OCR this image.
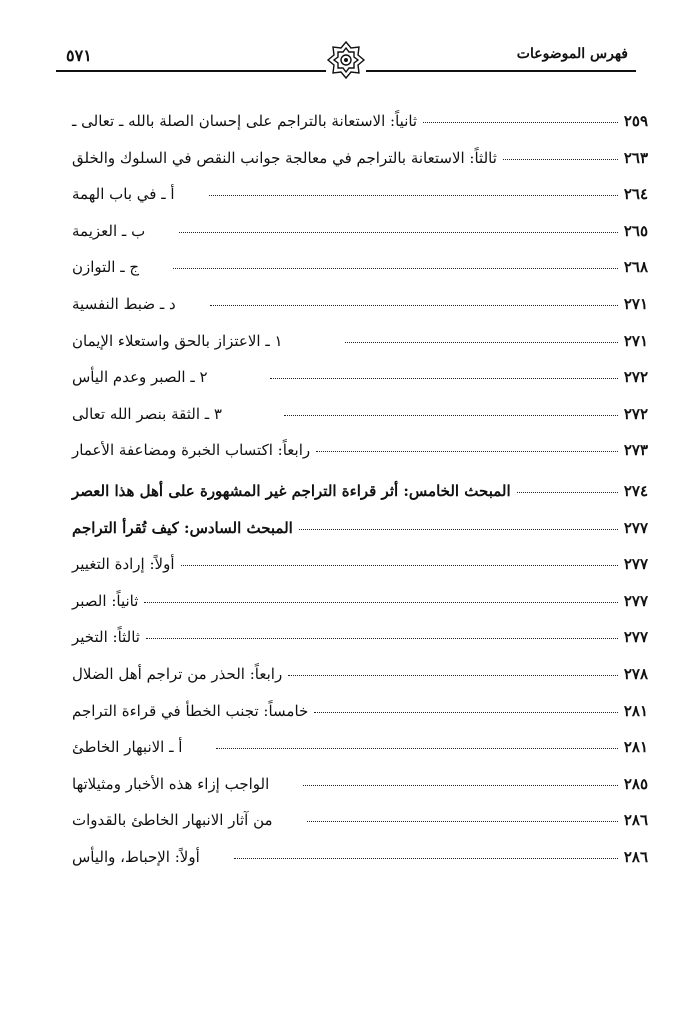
٥٧١	فهرس الموضوعات
ثانياً: الاستعانة بالتراجم على إحسان الصلة بالله ـ تعالى ـ	٢٥٩
ثالثاً: الاستعانة بالتراجم في معالجة جوانب النقص في السلوك والخلق	٢٦٣
أ ـ في باب الهمة	٢٦٤
ب ـ العزيمة	٢٦٥
ج ـ التوازن	٢٦٨
د ـ ضبط النفسية	٢٧١
١ ـ الاعتزاز بالحق واستعلاء الإيمان	٢٧١
٢ ـ الصبر وعدم اليأس	٢٧٢
٣ ـ الثقة بنصر الله تعالى	٢٧٢
رابعاً: اكتساب الخبرة ومضاعفة الأعمار	٢٧٣
المبحث الخامس: أثر قراءة التراجم غير المشهورة على أهل هذا العصر	٢٧٤
المبحث السادس: كيف تُقرأ التراجم	٢٧٧
أولاً: إرادة التغيير	٢٧٧
ثانياً: الصبر	٢٧٧
ثالثاً: التخير	٢٧٧
رابعاً: الحذر من تراجم أهل الضلال	٢٧٨
خامساً: تجنب الخطأ في قراءة التراجم	٢٨١
أ ـ الانبهار الخاطئ	٢٨١
الواجب إزاء هذه الأخبار ومثيلاتها	٢٨٥
من آثار الانبهار الخاطئ بالقدوات	٢٨٦
أولاً: الإحباط، واليأس	٢٨٦
